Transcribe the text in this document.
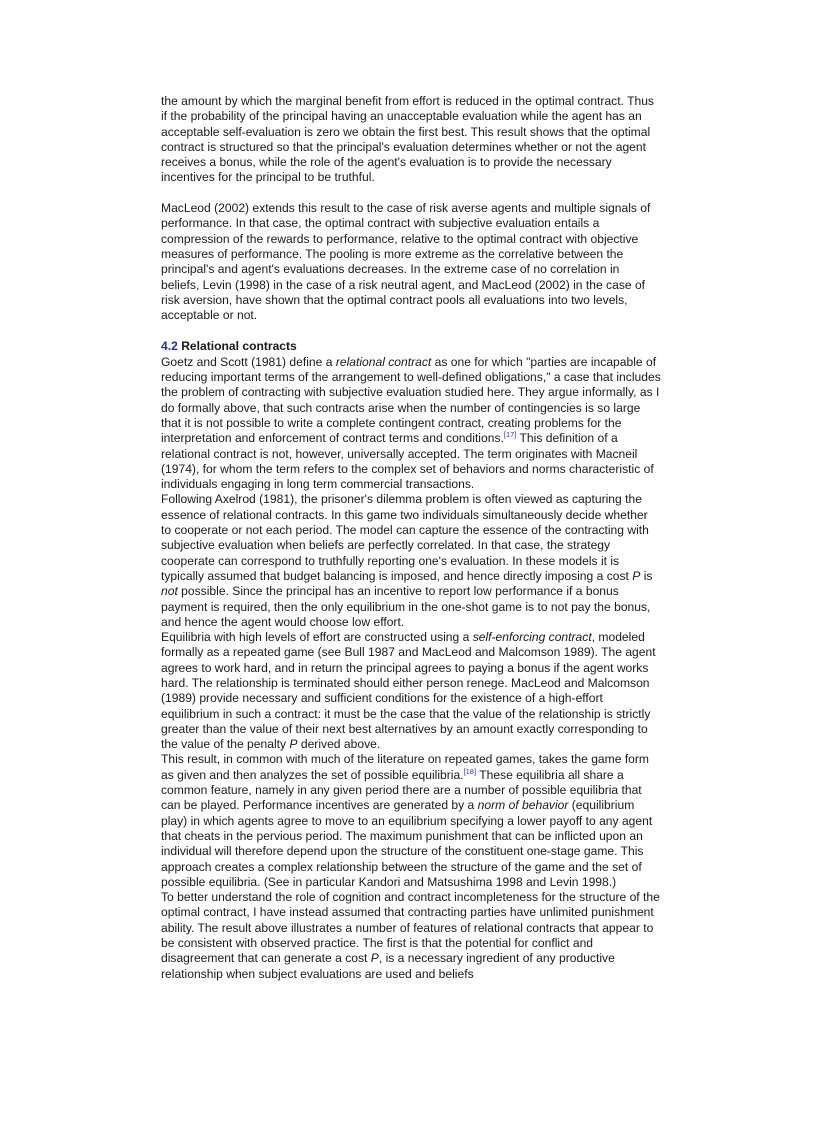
the amount by which the marginal benefit from effort is reduced in the optimal contract. Thus if the probability of the principal having an unacceptable evaluation while the agent has an acceptable self-evaluation is zero we obtain the first best. This result shows that the optimal contract is structured so that the principal's evaluation determines whether or not the agent receives a bonus, while the role of the agent's evaluation is to provide the necessary incentives for the principal to be truthful.

MacLeod (2002) extends this result to the case of risk averse agents and multiple signals of performance. In that case, the optimal contract with subjective evaluation entails a compression of the rewards to performance, relative to the optimal contract with objective measures of performance. The pooling is more extreme as the correlative between the principal's and agent's evaluations decreases. In the extreme case of no correlation in beliefs, Levin (1998) in the case of a risk neutral agent, and MacLeod (2002) in the case of risk aversion, have shown that the optimal contract pools all evaluations into two levels, acceptable or not.

4.2 Relational contracts

Goetz and Scott (1981) define a relational contract as one for which "parties are incapable of reducing important terms of the arrangement to well-defined obligations," a case that includes the problem of contracting with subjective evaluation studied here. They argue informally, as I do formally above, that such contracts arise when the number of contingencies is so large that it is not possible to write a complete contingent contract, creating problems for the interpretation and enforcement of contract terms and conditions.[17] This definition of a relational contract is not, however, universally accepted. The term originates with Macneil (1974), for whom the term refers to the complex set of behaviors and norms characteristic of individuals engaging in long term commercial transactions.

Following Axelrod (1981), the prisoner's dilemma problem is often viewed as capturing the essence of relational contracts. In this game two individuals simultaneously decide whether to cooperate or not each period. The model can capture the essence of the contracting with subjective evaluation when beliefs are perfectly correlated. In that case, the strategy cooperate can correspond to truthfully reporting one's evaluation. In these models it is typically assumed that budget balancing is imposed, and hence directly imposing a cost P is not possible. Since the principal has an incentive to report low performance if a bonus payment is required, then the only equilibrium in the one-shot game is to not pay the bonus, and hence the agent would choose low effort.

Equilibria with high levels of effort are constructed using a self-enforcing contract, modeled formally as a repeated game (see Bull 1987 and MacLeod and Malcomson 1989). The agent agrees to work hard, and in return the principal agrees to paying a bonus if the agent works hard. The relationship is terminated should either person renege. MacLeod and Malcomson (1989) provide necessary and sufficient conditions for the existence of a high-effort equilibrium in such a contract: it must be the case that the value of the relationship is strictly greater than the value of their next best alternatives by an amount exactly corresponding to the value of the penalty P derived above.

This result, in common with much of the literature on repeated games, takes the game form as given and then analyzes the set of possible equilibria.[18] These equilibria all share a common feature, namely in any given period there are a number of possible equilibria that can be played. Performance incentives are generated by a norm of behavior (equilibrium play) in which agents agree to move to an equilibrium specifying a lower payoff to any agent that cheats in the pervious period. The maximum punishment that can be inflicted upon an individual will therefore depend upon the structure of the constituent one-stage game. This approach creates a complex relationship between the structure of the game and the set of possible equilibria. (See in particular Kandori and Matsushima 1998 and Levin 1998.)

To better understand the role of cognition and contract incompleteness for the structure of the optimal contract, I have instead assumed that contracting parties have unlimited punishment ability. The result above illustrates a number of features of relational contracts that appear to be consistent with observed practice. The first is that the potential for conflict and disagreement that can generate a cost P, is a necessary ingredient of any productive relationship when subject evaluations are used and beliefs
